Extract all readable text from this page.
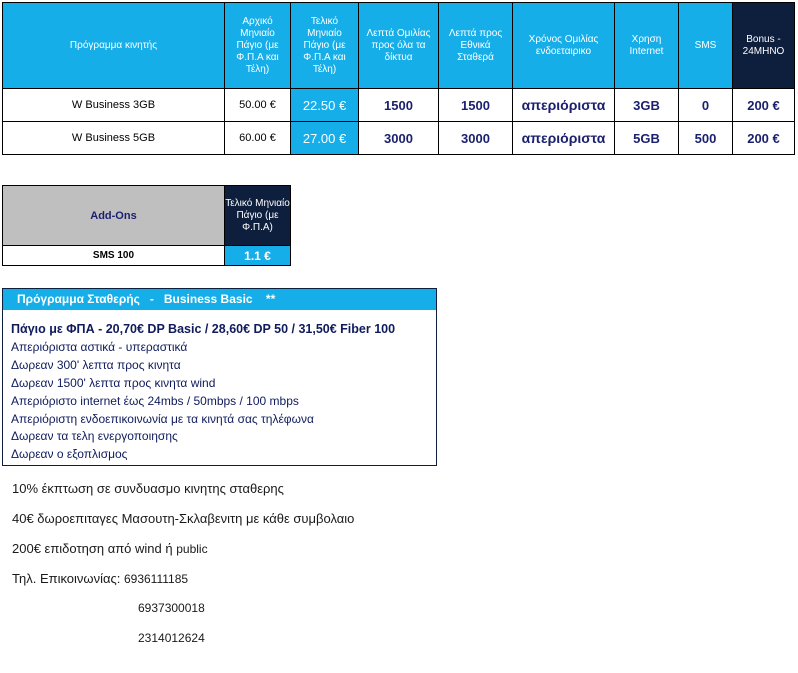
Πρόγραμμα κινητής	Αρχικό Μηνιαίο Πάγιο (με Φ.Π.Α και Τέλη)	Τελικό Μηνιαίο Πάγιο (με Φ.Π.Α και Τέλη)	Λεπτά Ομιλίας προς όλα τα δίκτυα	Λεπτά προς Εθνικά Σταθερά	Χρόνος Ομιλίας ενδοεταιρικο	Χρηση Internet	SMS	Bonus - 24ΜΗΝΟ
W Business 3GB	50.00 €	22.50 €	1500	1500	απεριόριστα	3GB	0	200 €
W Business 5GB	60.00 €	27.00 €	3000	3000	απεριόριστα	5GB	500	200 €
Add-Ons	Τελικό Μηνιαίο Πάγιο (με Φ.Π.Α)
SMS 100	1.1 €
Πρόγραμμα Σταθερής   -   Business Basic    **
Πάγιο με ΦΠΑ - 20,70€ DP Basic / 28,60€ DP 50 / 31,50€ Fiber 100
Απεριόριστα αστικά - υπεραστικά
Δωρεαν 300' λεπτα προς κινητα
Δωρεαν 1500' λεπτα προς κινητα wind
Απεριόριστο internet έως 24mbs / 50mbps / 100 mbps
Απεριόριστη ενδοεπικοινωνία με τα κινητά σας τηλέφωνα
Δωρεαν τα τελη ενεργοποιησης
Δωρεαν ο εξοπλισμος
10% έκπτωση σε συνδυασμο κινητης σταθερης
40€ δωροεπιταγες Μασουτη-Σκλαβενιτη με κάθε συμβολαιο
200€ επιδοτηση από wind ή public
Τηλ. Επικοινωνίας: 6936111185
6937300018
2314012624
